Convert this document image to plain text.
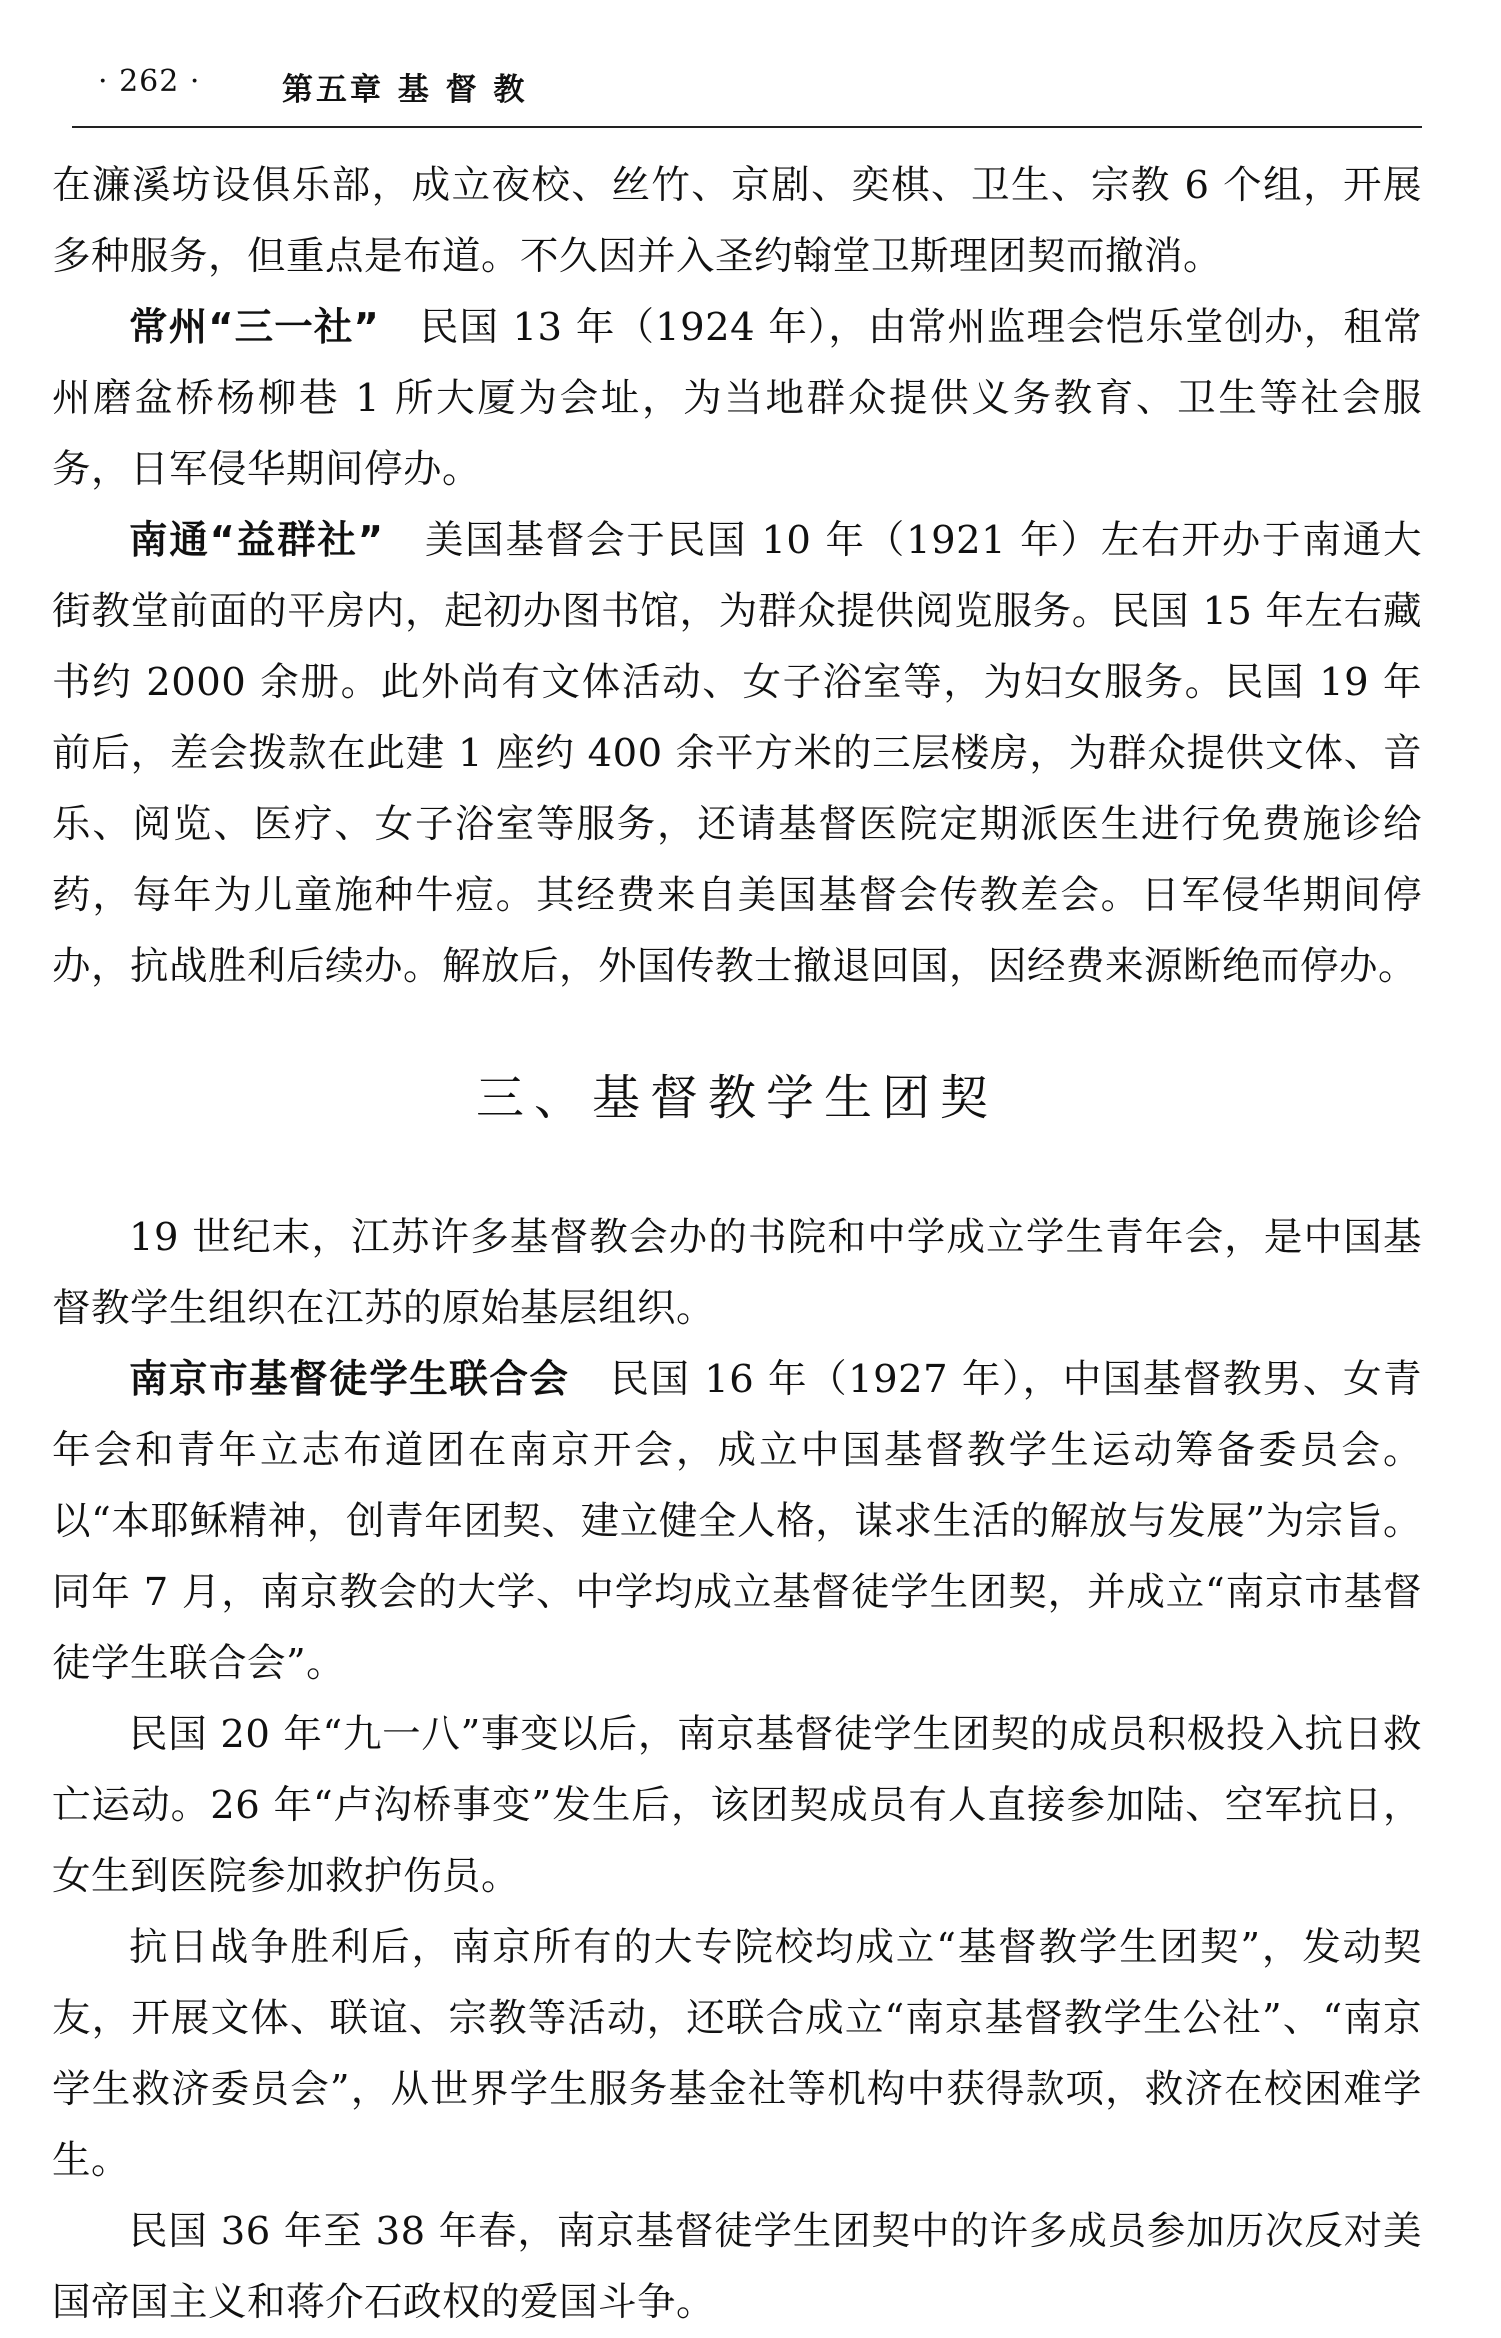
· 262 ·	第五章 基 督 教

在濂溪坊设俱乐部，成立夜校、丝竹、京剧、奕棋、卫生、宗教 6 个组，开展多种服务，但重点是布道。不久因并入圣约翰堂卫斯理团契而撤消。

常州“三一社” 民国 13 年（1924 年），由常州监理会恺乐堂创办，租常州磨盆桥杨柳巷 1 所大厦为会址，为当地群众提供义务教育、卫生等社会服务，日军侵华期间停办。

南通“益群社” 美国基督会于民国 10 年（1921 年）左右开办于南通大街教堂前面的平房内，起初办图书馆，为群众提供阅览服务。民国 15 年左右藏书约 2000 余册。此外尚有文体活动、女子浴室等，为妇女服务。民国 19 年前后，差会拨款在此建 1 座约 400 余平方米的三层楼房，为群众提供文体、音乐、阅览、医疗、女子浴室等服务，还请基督医院定期派医生进行免费施诊给药，每年为儿童施种牛痘。其经费来自美国基督会传教差会。日军侵华期间停办，抗战胜利后续办。解放后，外国传教士撤退回国，因经费来源断绝而停办。

三、基督教学生团契

19 世纪末，江苏许多基督教会办的书院和中学成立学生青年会，是中国基督教学生组织在江苏的原始基层组织。

南京市基督徒学生联合会 民国 16 年（1927 年），中国基督教男、女青年会和青年立志布道团在南京开会，成立中国基督教学生运动筹备委员会。以“本耶稣精神，创青年团契、建立健全人格，谋求生活的解放与发展”为宗旨。同年 7 月，南京教会的大学、中学均成立基督徒学生团契，并成立“南京市基督徒学生联合会”。

民国 20 年“九一八”事变以后，南京基督徒学生团契的成员积极投入抗日救亡运动。26 年“卢沟桥事变”发生后，该团契成员有人直接参加陆、空军抗日，女生到医院参加救护伤员。

抗日战争胜利后，南京所有的大专院校均成立“基督教学生团契”，发动契友，开展文体、联谊、宗教等活动，还联合成立“南京基督教学生公社”、“南京学生救济委员会”，从世界学生服务基金社等机构中获得款项，救济在校困难学生。

民国 36 年至 38 年春，南京基督徒学生团契中的许多成员参加历次反对美国帝国主义和蒋介石政权的爱国斗争。
